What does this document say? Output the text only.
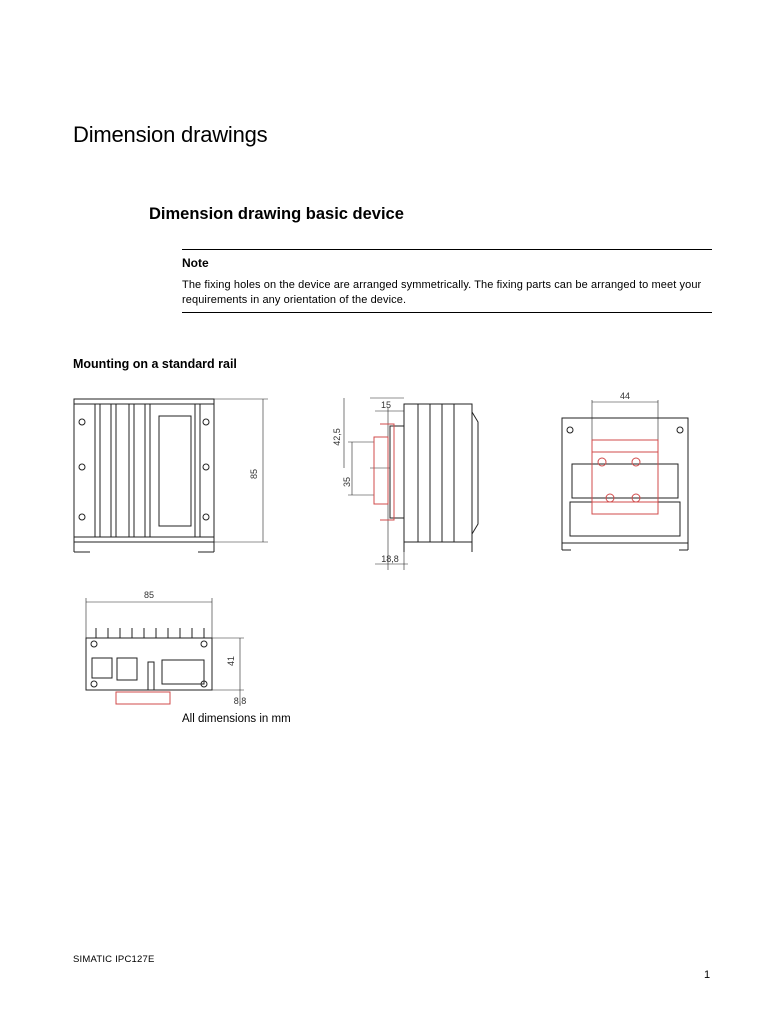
Dimension drawings
Dimension drawing basic device
Note
The fixing holes on the device are arranged symmetrically. The fixing parts can be arranged to meet your requirements in any orientation of the device.
Mounting on a standard rail
85
15
42,5
35
18,8
44
85
41
8,8
All dimensions in mm
SIMATIC IPC127E
1
